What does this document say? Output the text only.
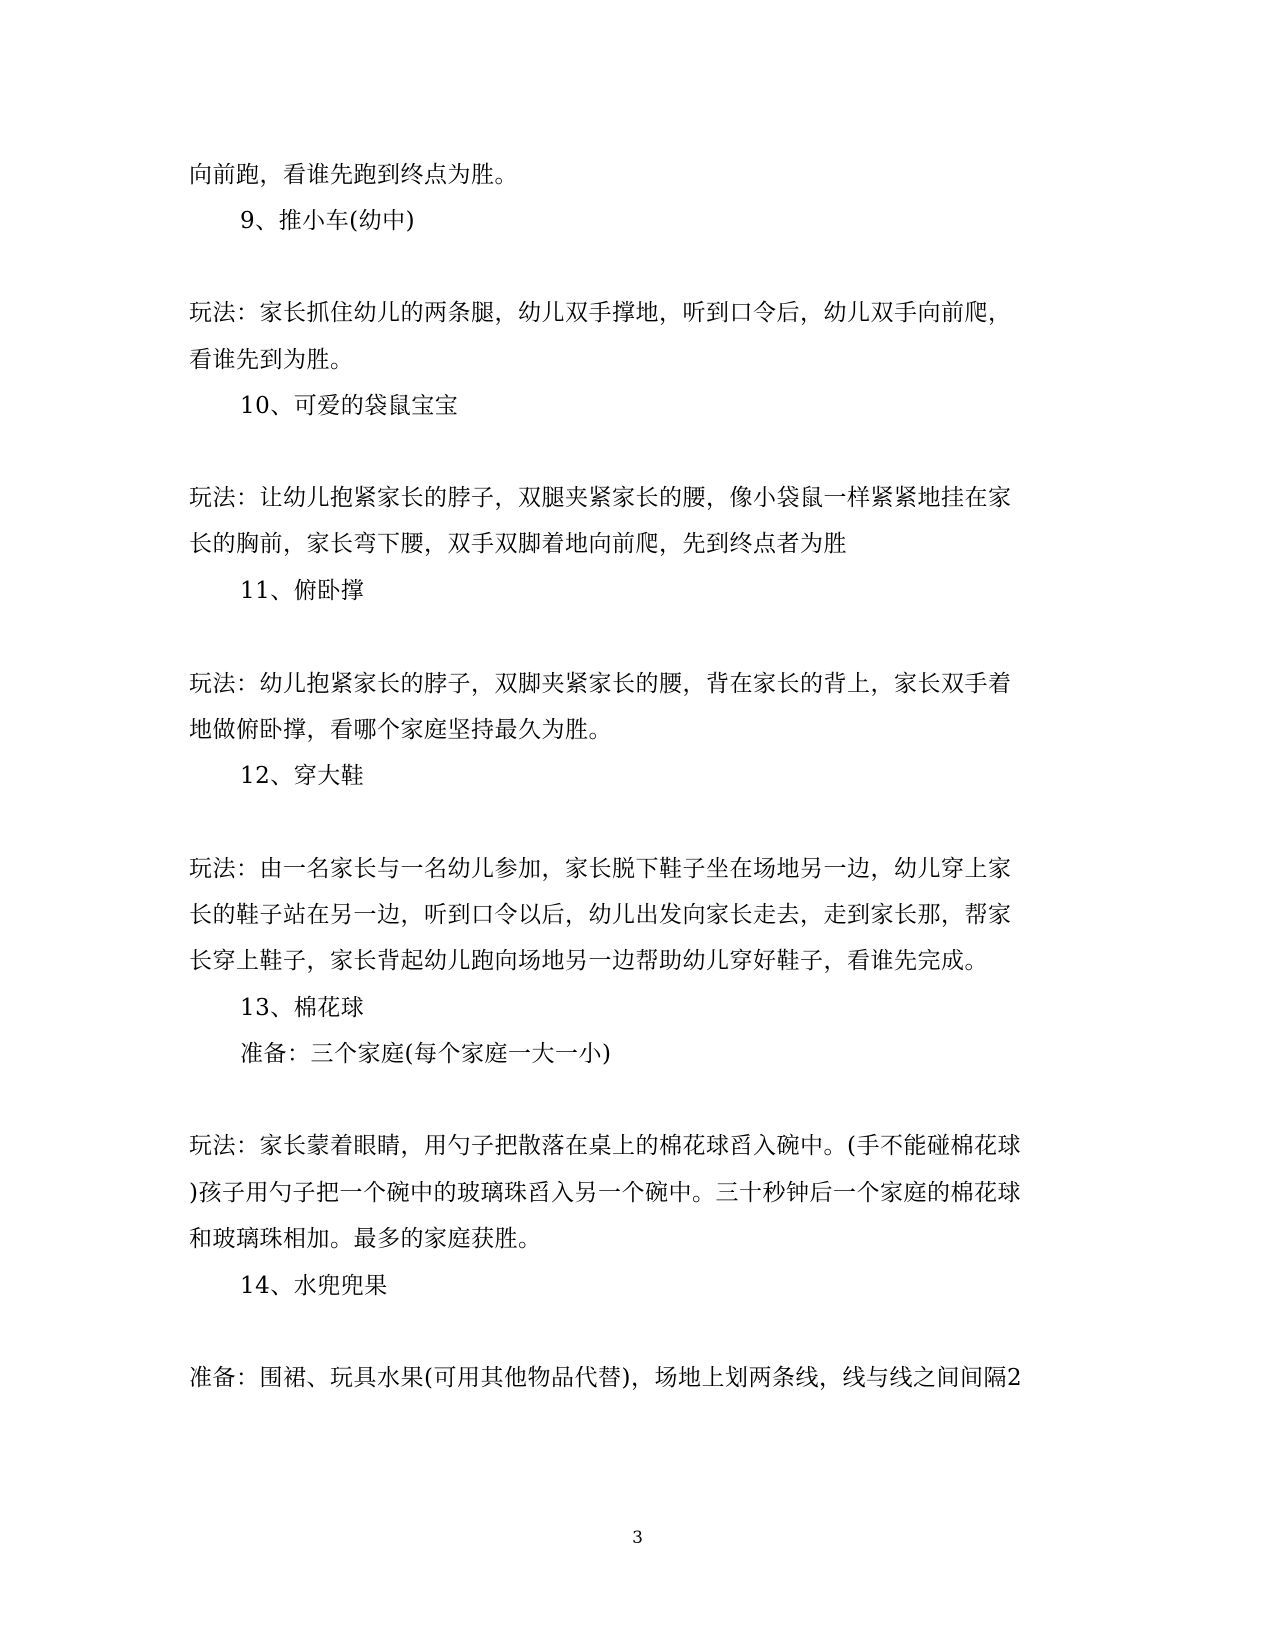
向前跑，看谁先跑到终点为胜。
9、推小车(幼中)
玩法：家长抓住幼儿的两条腿，幼儿双手撑地，听到口令后，幼儿双手向前爬，
看谁先到为胜。
10、可爱的袋鼠宝宝
玩法：让幼儿抱紧家长的脖子，双腿夹紧家长的腰，像小袋鼠一样紧紧地挂在家
长的胸前，家长弯下腰，双手双脚着地向前爬，先到终点者为胜
11、俯卧撑
玩法：幼儿抱紧家长的脖子，双脚夹紧家长的腰，背在家长的背上，家长双手着
地做俯卧撑，看哪个家庭坚持最久为胜。
12、穿大鞋
玩法：由一名家长与一名幼儿参加，家长脱下鞋子坐在场地另一边，幼儿穿上家
长的鞋子站在另一边，听到口令以后，幼儿出发向家长走去，走到家长那，帮家
长穿上鞋子，家长背起幼儿跑向场地另一边帮助幼儿穿好鞋子，看谁先完成。
13、棉花球
准备：三个家庭(每个家庭一大一小)
玩法：家长蒙着眼睛，用勺子把散落在桌上的棉花球舀入碗中。(手不能碰棉花球
)孩子用勺子把一个碗中的玻璃珠舀入另一个碗中。三十秒钟后一个家庭的棉花球
和玻璃珠相加。最多的家庭获胜。
14、水兜兜果
准备：围裙、玩具水果(可用其他物品代替)，场地上划两条线，线与线之间间隔2
3
